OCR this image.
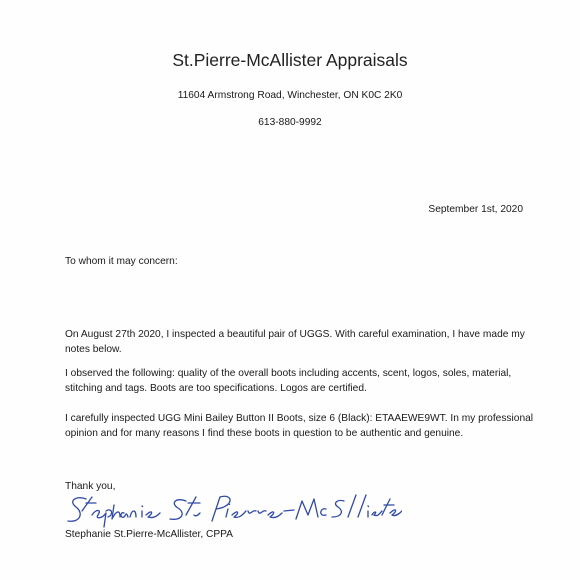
St.Pierre-McAllister Appraisals
11604 Armstrong Road, Winchester, ON K0C 2K0
613-880-9992
September 1st, 2020
To whom it may concern:

On August 27th 2020, I inspected a beautiful pair of UGGS. With careful examination, I have made my notes below.

I observed the following: quality of the overall boots including accents, scent, logos, soles, material, stitching and tags. Boots are too specifications. Logos are certified.

I carefully inspected UGG Mini Bailey Button II Boots, size 6 (Black): ETAAEWE9WT. In my professional opinion and for many reasons I find these boots in question to be authentic and genuine.

Thank you,
Stephanie St.Pierre-McAllister, CPPA
